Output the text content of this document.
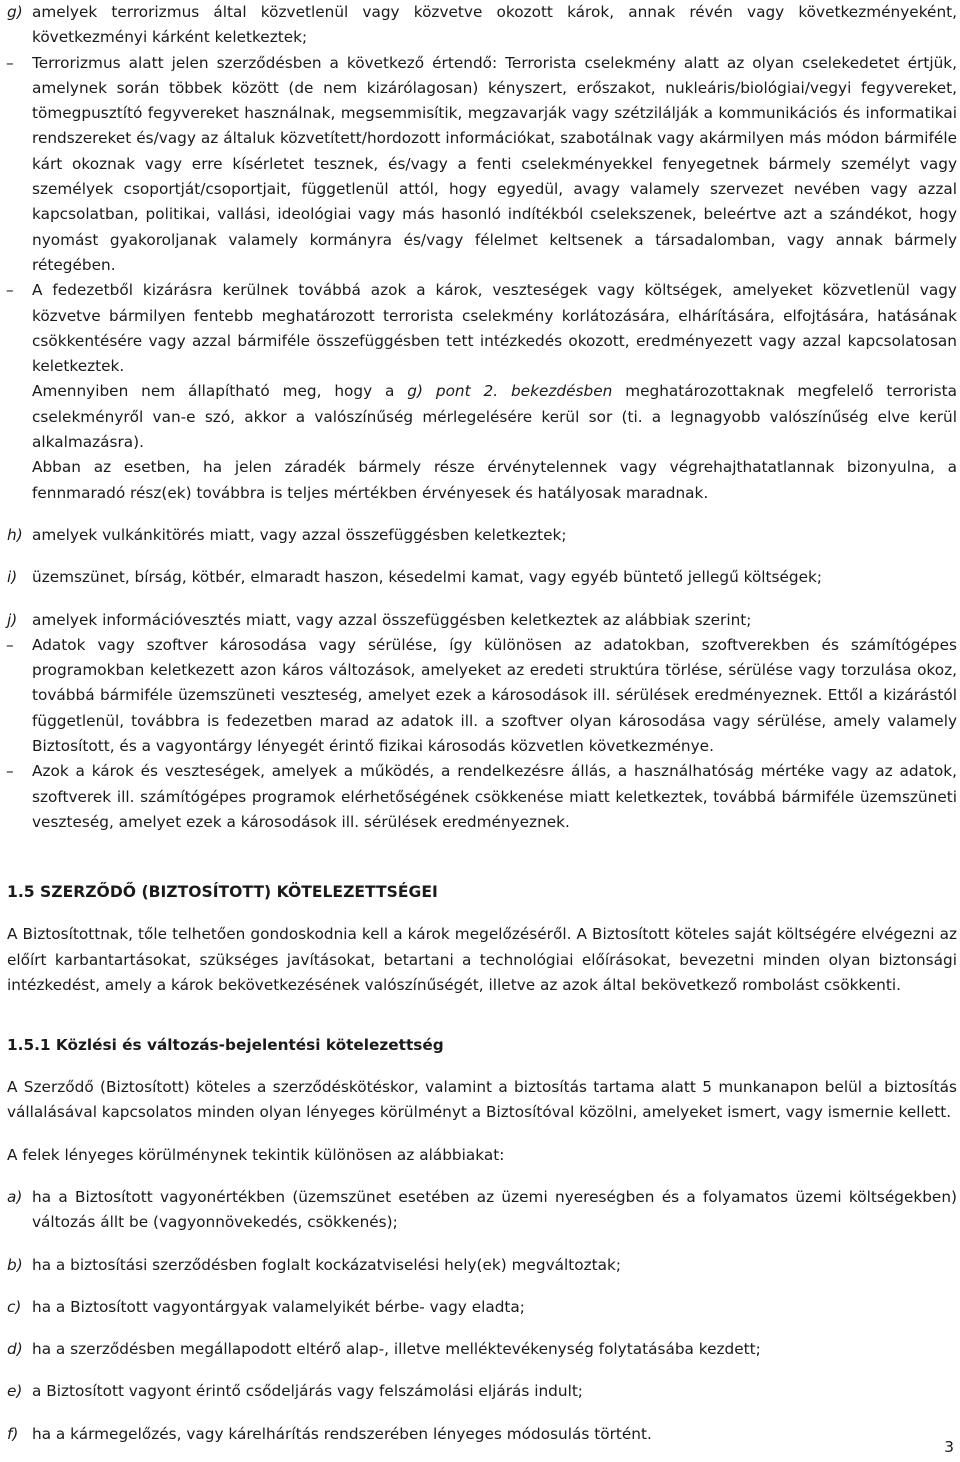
g) amelyek terrorizmus által közvetlenül vagy közvetve okozott károk, annak révén vagy következményeként, következményi kárként keletkeztek;
–	Terrorizmus alatt jelen szerződésben a következő értendő: Terrorista cselekmény alatt az olyan cselekedetet értjük, amelynek során többek között (de nem kizárólagosan) kényszert, erőszakot, nukleáris/biológiai/vegyi fegyvereket, tömegpusztító fegyvereket használnak, megsemmisítik, megzavarják vagy szétzilálják a kommunikációs és informatikai rendszereket és/vagy az általuk közvetített/hordozott információkat, szabotálnak vagy akármilyen más módon bármiféle kárt okoznak vagy erre kísérletet tesznek, és/vagy a fenti cselekményekkel fenyegetnek bármely személyt vagy személyek csoportját/csoportjait, függetlenül attól, hogy egyedül, avagy valamely szervezet nevében vagy azzal kapcsolatban, politikai, vallási, ideológiai vagy más hasonló indítékból cselekszenek, beleértve azt a szándékot, hogy nyomást gyakoroljanak valamely kormányra és/vagy félelmet keltsenek a társadalomban, vagy annak bármely rétegében.
–	A fedezetből kizárásra kerülnek továbbá azok a károk, veszteségek vagy költségek, amelyeket közvetlenül vagy közvetve bármilyen fentebb meghatározott terrorista cselekmény korlátozására, elhárítására, elfojtására, hatásának csökkentésére vagy azzal bármiféle összefüggésben tett intézkedés okozott, eredményezett vagy azzal kapcsolatosan keletkeztek.
Amennyiben nem állapítható meg, hogy a g) pont 2. bekezdésben meghatározottaknak megfelelő terrorista cselekményről van-e szó, akkor a valószínűség mérlegelésére kerül sor (ti. a legnagyobb valószínűség elve kerül alkalmazásra).
Abban az esetben, ha jelen záradék bármely része érvénytelennek vagy végrehajthatatlannak bizonyulna, a fennmaradó rész(ek) továbbra is teljes mértékben érvényesek és hatályosak maradnak.
h) amelyek vulkánkitörés miatt, vagy azzal összefüggésben keletkeztek;
i) üzemszünet, bírság, kötbér, elmaradt haszon, késedelmi kamat, vagy egyéb büntető jellegű költségek;
j) amelyek információvesztés miatt, vagy azzal összefüggésben keletkeztek az alábbiak szerint;
–	Adatok vagy szoftver károsodása vagy sérülése, így különösen az adatokban, szoftverekben és számítógépes programokban keletkezett azon káros változások, amelyeket az eredeti struktúra törlése, sérülése vagy torzulása okoz, továbbá bármiféle üzemszüneti veszteség, amelyet ezek a károsodások ill. sérülések eredményeznek. Ettől a kizárástól függetlenül, továbbra is fedezetben marad az adatok ill. a szoftver olyan károsodása vagy sérülése, amely valamely Biztosított, és a vagyontárgy lényegét érintő fizikai károsodás közvetlen következménye.
–	Azok a károk és veszteségek, amelyek a működés, a rendelkezésre állás, a használhatóság mértéke vagy az adatok, szoftverek ill. számítógépes programok elérhetőségének csökkenése miatt keletkeztek, továbbá bármiféle üzemszüneti veszteség, amelyet ezek a károsodások ill. sérülések eredményeznek.
1.5 SZERZŐDŐ (BIZTOSÍTOTT) KÖTELEZETTSÉGEI
A Biztosítottnak, tőle telhetően gondoskodnia kell a károk megelőzéséről. A Biztosított köteles saját költségére elvégezni az előírt karbantartásokat, szükséges javításokat, betartani a technológiai előírásokat, bevezetni minden olyan biztonsági intézkedést, amely a károk bekövetkezésének valószínűségét, illetve az azok által bekövetkező rombolást csökkenti.
1.5.1 Közlési és változás-bejelentési kötelezettség
A Szerződő (Biztosított) köteles a szerződéskötéskor, valamint a biztosítás tartama alatt 5 munkanapon belül a biztosítás vállalásával kapcsolatos minden olyan lényeges körülményt a Biztosítóval közölni, amelyeket ismert, vagy ismernie kellett.
A felek lényeges körülménynek tekintik különösen az alábbiakat:
a) ha a Biztosított vagyonértékben (üzemszünet esetében az üzemi nyereségben és a folyamatos üzemi költségekben) változás állt be (vagyonnövekedés, csökkenés);
b) ha a biztosítási szerződésben foglalt kockázatviselési hely(ek) megváltoztak;
c) ha a Biztosított vagyontárgyak valamelyikét bérbe- vagy eladta;
d) ha a szerződésben megállapodott eltérő alap-, illetve melléktevékenység folytatásába kezdett;
e) a Biztosított vagyont érintő csődeljárás vagy felszámolási eljárás indult;
f) ha a kármegelőzés, vagy kárelhárítás rendszerében lényeges módosulás történt.
3
